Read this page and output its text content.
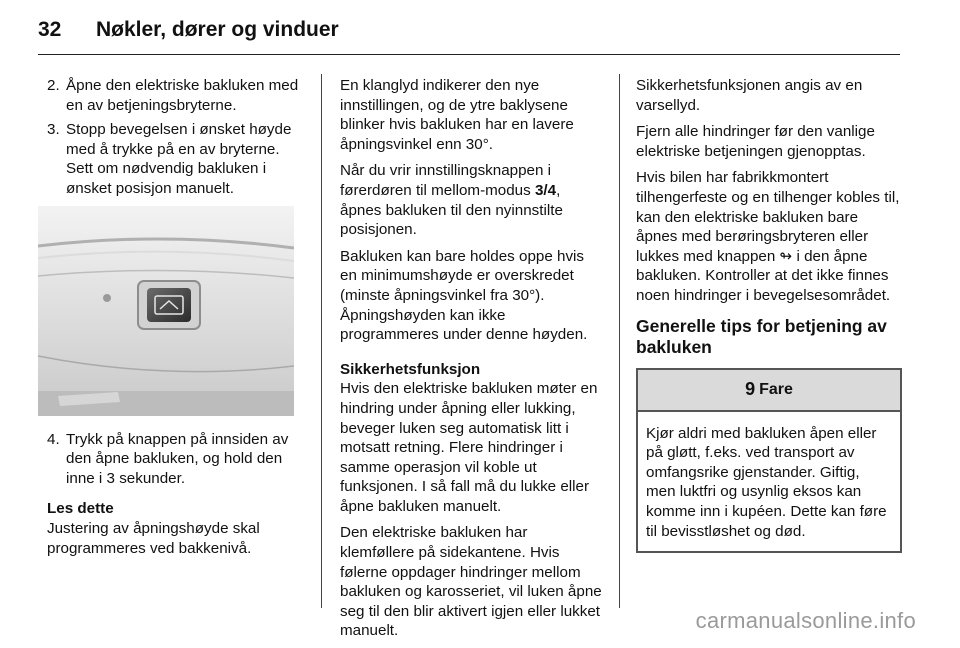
32 Nøkler, dører og vinduer
2. Åpne den elektriske bakluken med en av betjeningsbryterne.
3. Stopp bevegelsen i ønsket høyde med å trykke på en av bryterne. Sett om nødvendig bakluken i ønsket posisjon manuelt.
4. Trykk på knappen på innsiden av den åpne bakluken, og hold den inne i 3 sekunder.
Les dette
Justering av åpningshøyde skal programmeres ved bakkenivå.

En klanglyd indikerer den nye innstillingen, og de ytre baklysene blinker hvis bakluken har en lavere åpningsvinkel enn 30°.

Når du vrir innstillingsknappen i førerdøren til mellom-modus 3/4, åpnes bakluken til den nyinnstilte posisjonen.

Bakluken kan bare holdes oppe hvis en minimumshøyde er overskredet (minste åpningsvinkel fra 30°). Åpningshøyden kan ikke programmeres under denne høyden.

Sikkerhetsfunksjon

Hvis den elektriske bakluken møter en hindring under åpning eller lukking, beveger luken seg automatisk litt i motsatt retning. Flere hindringer i samme operasjon vil koble ut funksjonen. I så fall må du lukke eller åpne bakluken manuelt.

Den elektriske bakluken har klemføllere på sidekantene. Hvis følerne oppdager hindringer mellom bakluken og karosseriet, vil luken åpne seg til den blir aktivert igjen eller lukket manuelt.

Sikkerhetsfunksjonen angis av en varsellyd.

Fjern alle hindringer før den vanlige elektriske betjeningen gjenopptas.

Hvis bilen har fabrikkmontert tilhengerfeste og en tilhenger kobles til, kan den elektriske bakluken bare åpnes med berøringsbryteren eller lukkes med knappen ↬ i den åpne bakluken. Kontroller at det ikke finnes noen hindringer i bevegelsesområdet.

Generelle tips for betjening av bakluken
9 Fare
Kjør aldri med bakluken åpen eller på gløtt, f.eks. ved transport av omfangsrike gjenstander. Giftig, men luktfri og usynlig eksos kan komme inn i kupéen. Dette kan føre til bevisstløshet og død.
carmanualsonline.info
